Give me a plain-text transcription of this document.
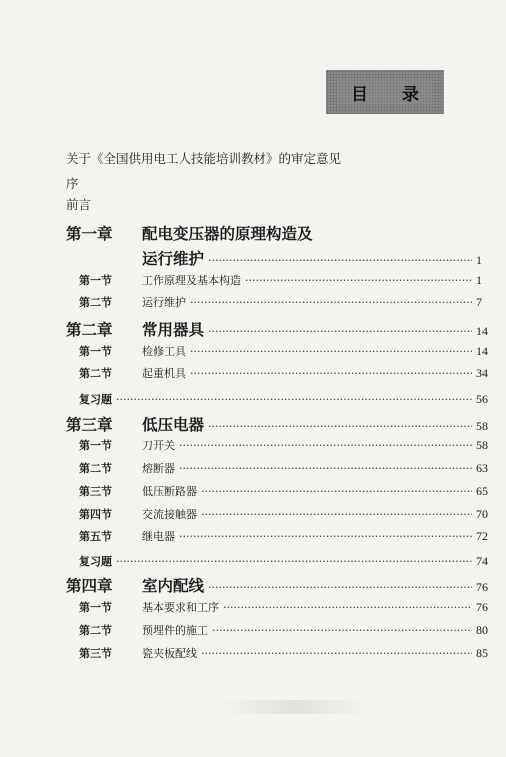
目 录
关于《全国供用电工人技能培训教材》的审定意见
序
前言
第一章 配电变压器的原理构造及
运行维护 ·····	1
第一节	工作原理及基本构造 ·····	1
第二节	运行维护 ·····	7
第二章 常用器具 ·····	14
第一节	检修工具 ·····	14
第二节	起重机具 ·····	34
复习题 ·····	56
第三章 低压电器 ·····	58
第一节	刀开关 ·····	58
第二节	熔断器 ·····	63
第三节	低压断路器 ·····	65
第四节	交流接触器 ·····	70
第五节	继电器 ·····	72
复习题 ·····	74
第四章 室内配线 ·····	76
第一节	基本要求和工序 ·····	76
第二节	预埋件的施工 ·····	80
第三节	瓷夹板配线 ·····	85
